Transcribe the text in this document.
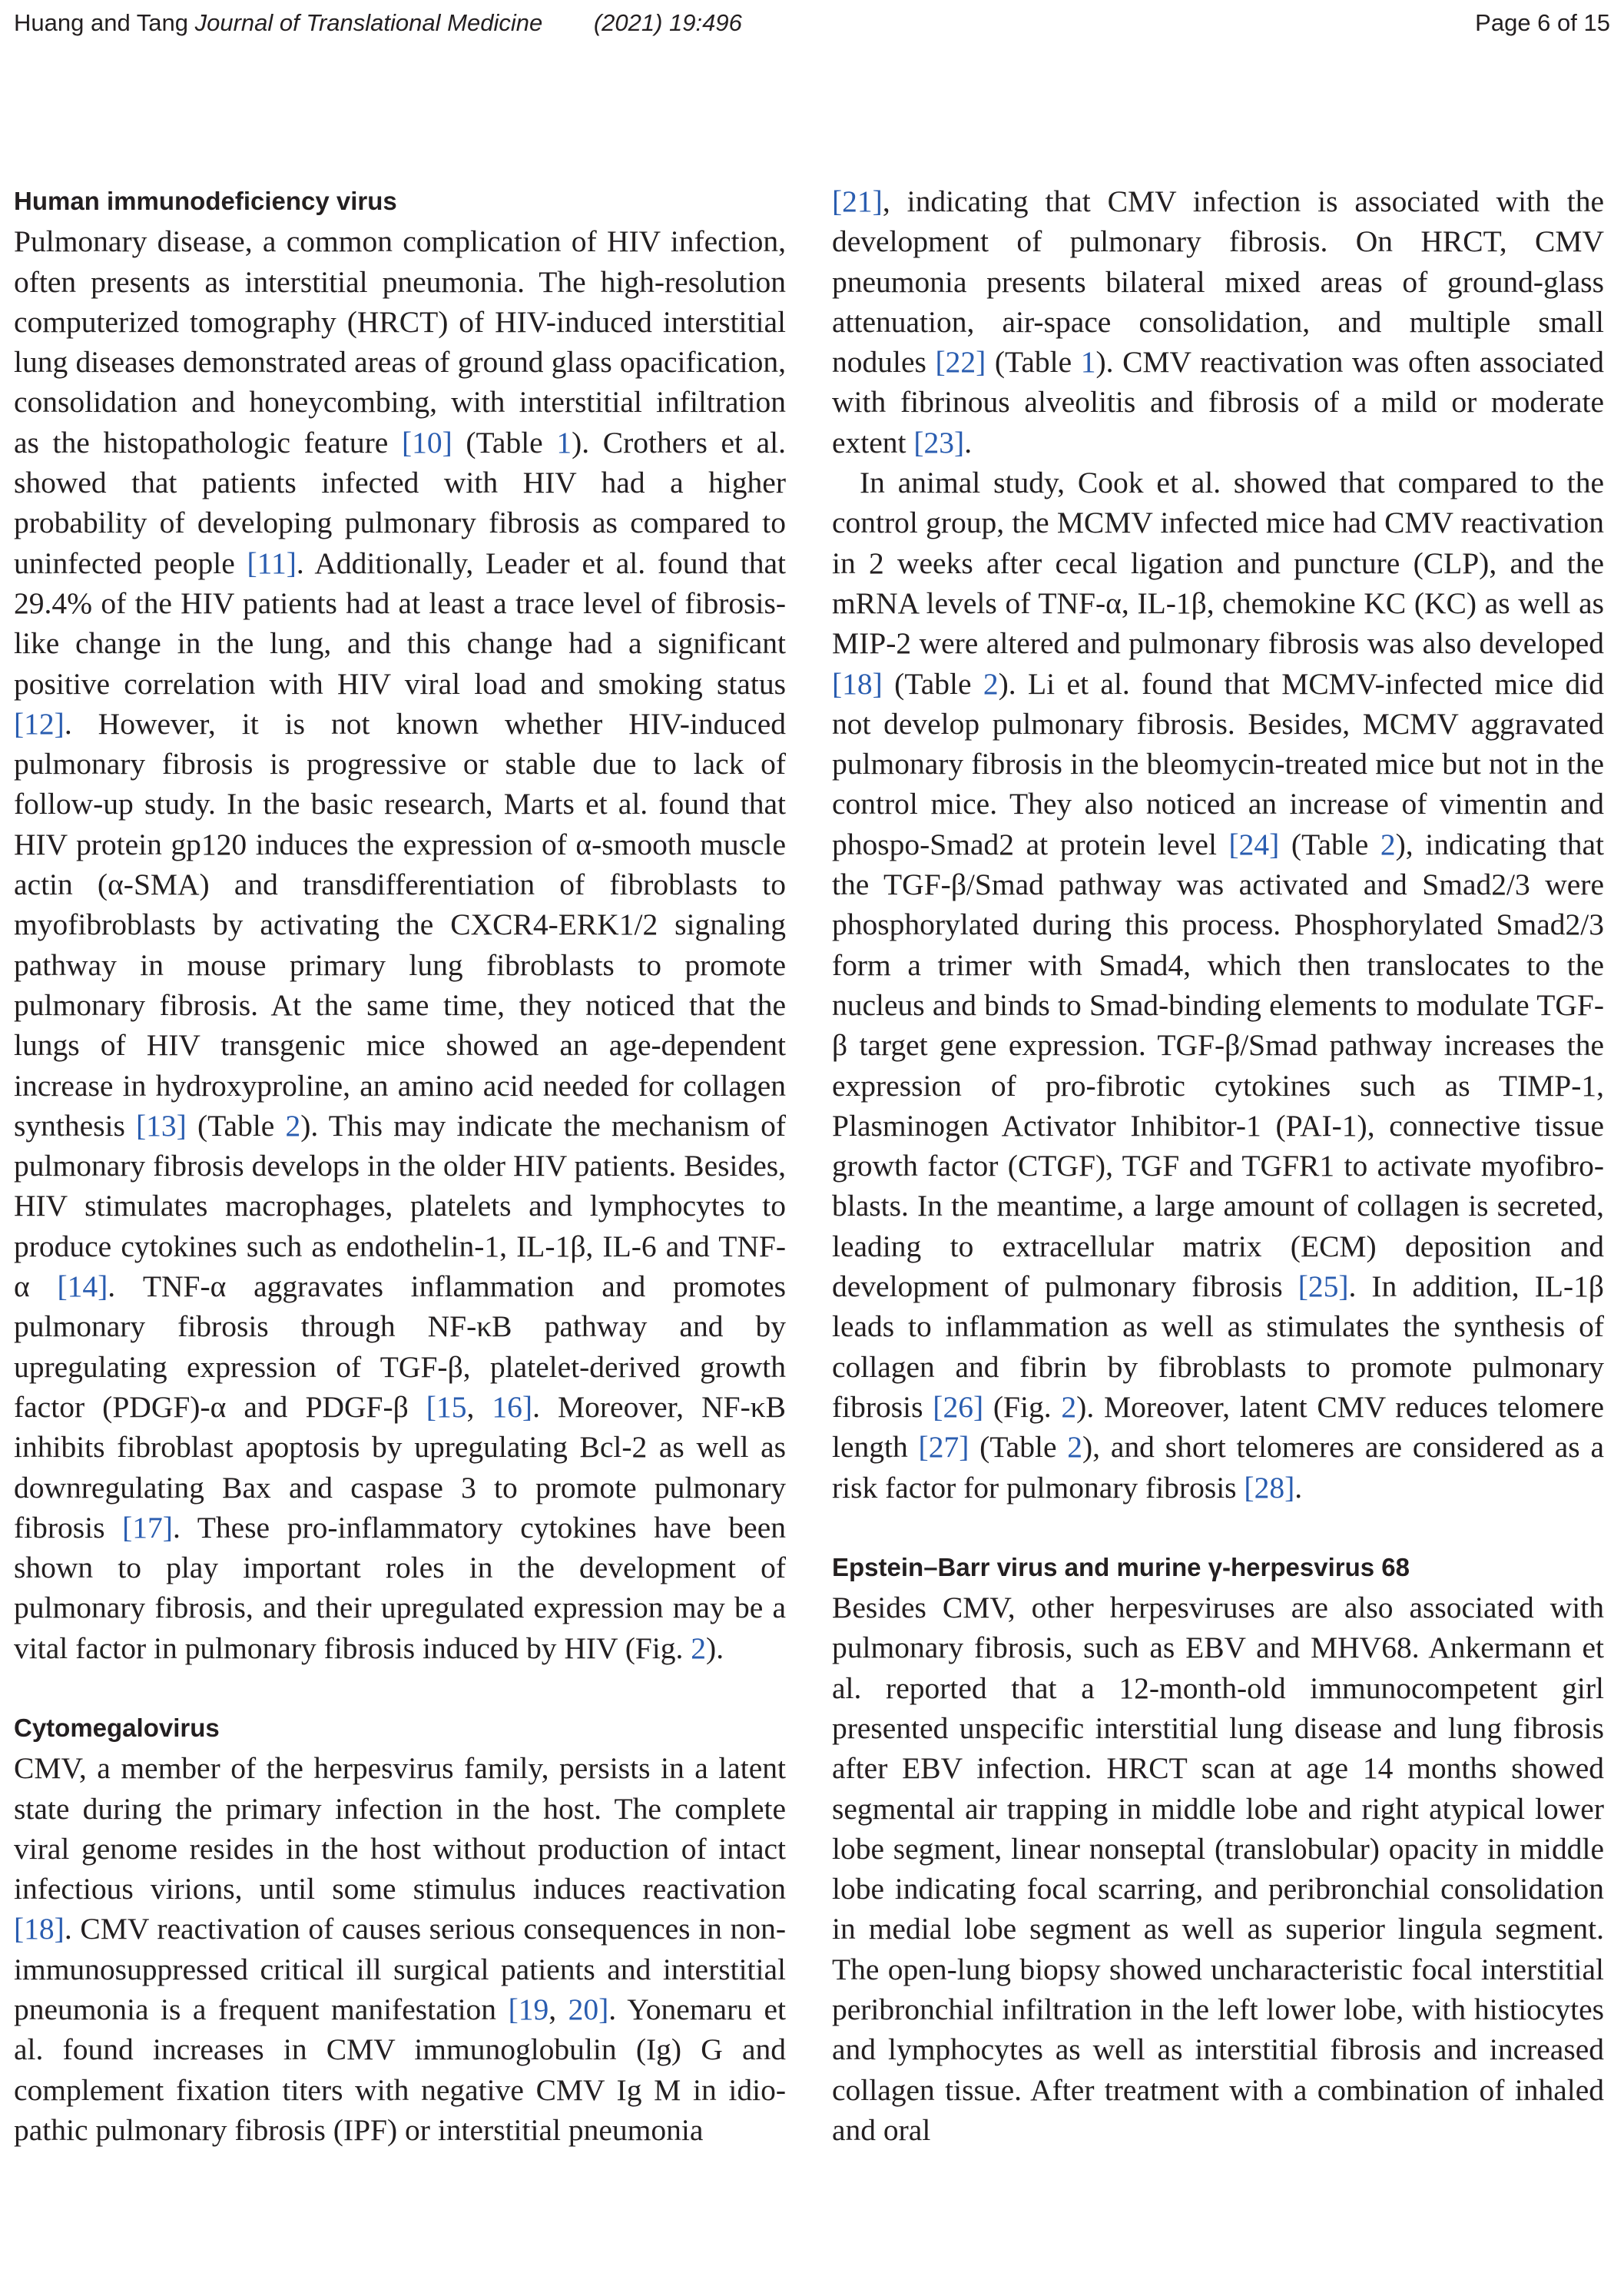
Huang and Tang Journal of Translational Medicine (2021) 19:496	Page 6 of 15
Human immunodeficiency virus

Pulmonary disease, a common complication of HIV infection, often presents as interstitial pneumonia. The high-resolution computerized tomography (HRCT) of HIV-induced interstitial lung diseases demonstrated areas of ground glass opacification, consolidation and honeycombing, with interstitial infiltration as the histopathologic feature [10] (Table 1). Crothers et al. showed that patients infected with HIV had a higher probability of developing pulmonary fibrosis as compared to uninfected people [11]. Additionally, Leader et al. found that 29.4% of the HIV patients had at least a trace level of fibrosis-like change in the lung, and this change had a significant positive correlation with HIV viral load and smoking status [12]. However, it is not known whether HIV-induced pulmonary fibrosis is progressive or stable due to lack of follow-up study. In the basic research, Marts et al. found that HIV protein gp120 induces the expression of α-smooth muscle actin (α-SMA) and transdifferentiation of fibroblasts to myofibroblasts by activating the CXCR4-ERK1/2 signaling pathway in mouse primary lung fibroblasts to promote pulmonary fibrosis. At the same time, they noticed that the lungs of HIV transgenic mice showed an age-dependent increase in hydroxyproline, an amino acid needed for collagen synthesis [13] (Table 2). This may indicate the mechanism of pulmonary fibrosis develops in the older HIV patients. Besides, HIV stimulates macrophages, platelets and lymphocytes to produce cytokines such as endothelin-1, IL-1β, IL-6 and TNF-α [14]. TNF-α aggravates inflammation and promotes pulmonary fibrosis through NF-κB pathway and by upregulating expression of TGF-β, platelet-derived growth factor (PDGF)-α and PDGF-β [15, 16]. Moreover, NF-κB inhibits fibroblast apoptosis by upregulating Bcl-2 as well as downregulating Bax and caspase 3 to promote pulmonary fibrosis [17]. These pro-inflammatory cytokines have been shown to play important roles in the development of pulmonary fibrosis, and their upregulated expression may be a vital factor in pulmonary fibrosis induced by HIV (Fig. 2).

Cytomegalovirus

CMV, a member of the herpesvirus family, persists in a latent state during the primary infection in the host. The complete viral genome resides in the host without production of intact infectious virions, until some stimulus induces reactivation [18]. CMV reactivation of causes serious consequences in non-immunosuppressed critical ill surgical patients and interstitial pneumonia is a frequent manifestation [19, 20]. Yonemaru et al. found increases in CMV immunoglobulin (Ig) G and complement fixation titers with negative CMV Ig M in idiopathic pulmonary fibrosis (IPF) or interstitial pneumonia

[21], indicating that CMV infection is associated with the development of pulmonary fibrosis. On HRCT, CMV pneumonia presents bilateral mixed areas of ground-glass attenuation, air-space consolidation, and multiple small nodules [22] (Table 1). CMV reactivation was often associated with fibrinous alveolitis and fibrosis of a mild or moderate extent [23].

In animal study, Cook et al. showed that compared to the control group, the MCMV infected mice had CMV reactivation in 2 weeks after cecal ligation and puncture (CLP), and the mRNA levels of TNF-α, IL-1β, chemokine KC (KC) as well as MIP-2 were altered and pulmonary fibrosis was also developed [18] (Table 2). Li et al. found that MCMV-infected mice did not develop pulmonary fibrosis. Besides, MCMV aggravated pulmonary fibrosis in the bleomycin-treated mice but not in the control mice. They also noticed an increase of vimentin and phospo-Smad2 at protein level [24] (Table 2), indicating that the TGF-β/Smad pathway was activated and Smad2/3 were phosphorylated during this process. Phosphorylated Smad2/3 form a trimer with Smad4, which then translocates to the nucleus and binds to Smad-binding elements to modulate TGF-β target gene expression. TGF-β/Smad pathway increases the expression of pro-fibrotic cytokines such as TIMP-1, Plasminogen Activator Inhibitor-1 (PAI-1), connective tissue growth factor (CTGF), TGF and TGFR1 to activate myofibroblasts. In the meantime, a large amount of collagen is secreted, leading to extracellular matrix (ECM) deposition and development of pulmonary fibrosis [25]. In addition, IL-1β leads to inflammation as well as stimulates the synthesis of collagen and fibrin by fibroblasts to promote pulmonary fibrosis [26] (Fig. 2). Moreover, latent CMV reduces telomere length [27] (Table 2), and short telomeres are considered as a risk factor for pulmonary fibrosis [28].

Epstein–Barr virus and murine γ-herpesvirus 68

Besides CMV, other herpesviruses are also associated with pulmonary fibrosis, such as EBV and MHV68. Ankermann et al. reported that a 12-month-old immunocompetent girl presented unspecific interstitial lung disease and lung fibrosis after EBV infection. HRCT scan at age 14 months showed segmental air trapping in middle lobe and right atypical lower lobe segment, linear nonseptal (translobular) opacity in middle lobe indicating focal scarring, and peribronchial consolidation in medial lobe segment as well as superior lingula segment. The open-lung biopsy showed uncharacteristic focal interstitial peribronchial infiltration in the left lower lobe, with histiocytes and lymphocytes as well as interstitial fibrosis and increased collagen tissue. After treatment with a combination of inhaled and oral
